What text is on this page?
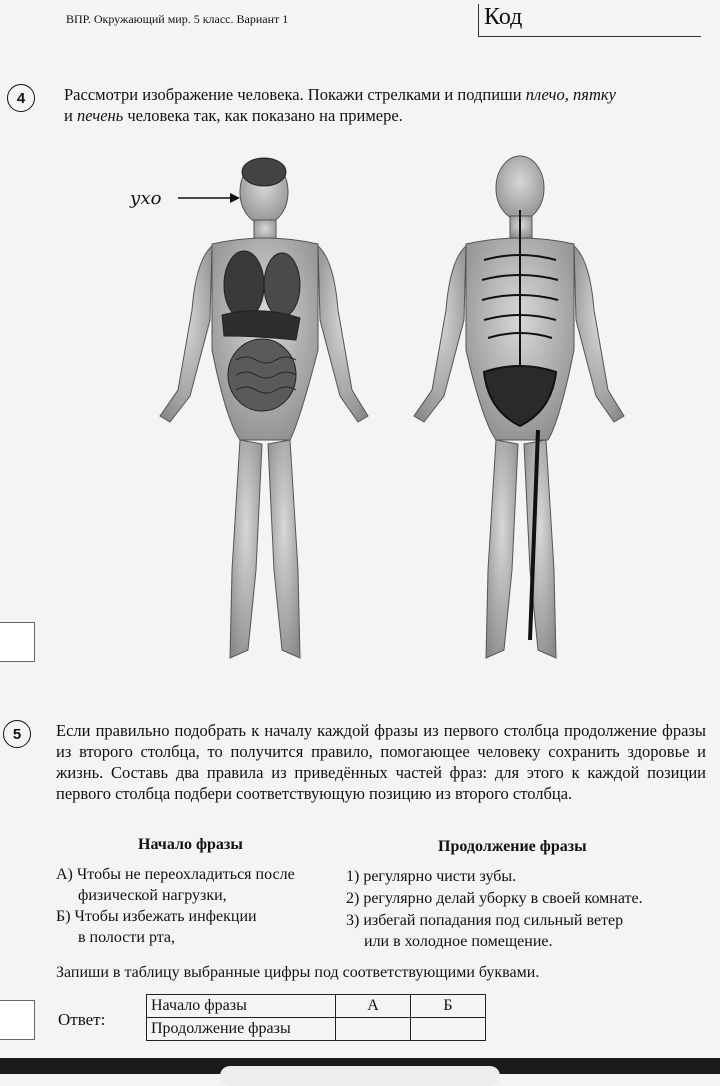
ВПР. Окружающий мир. 5 класс. Вариант 1	Код
4	Рассмотри изображение человека. Покажи стрелками и подпиши плечо, пятку
и печень человека так, как показано на примере.
ухо
5	Если правильно подобрать к началу каждой фразы из первого столбца продолжение фразы из второго столбца, то получится правило, помогающее человеку сохранить здоровье и жизнь. Составь два правила из приведённых частей фраз: для этого к каждой позиции первого столбца подбери соответствующую позицию из второго столбца.
Начало фразы	Продолжение фразы
А) Чтобы не переохладиться после
физической нагрузки,
Б) Чтобы избежать инфекции
в полости рта,
1) регулярно чисти зубы.
2) регулярно делай уборку в своей комнате.
3) избегай попадания под сильный ветер
или в холодное помещение.
Запиши в таблицу выбранные цифры под соответствующими буквами.
Ответ:
Начало фразы	А	Б
Продолжение фразы		
